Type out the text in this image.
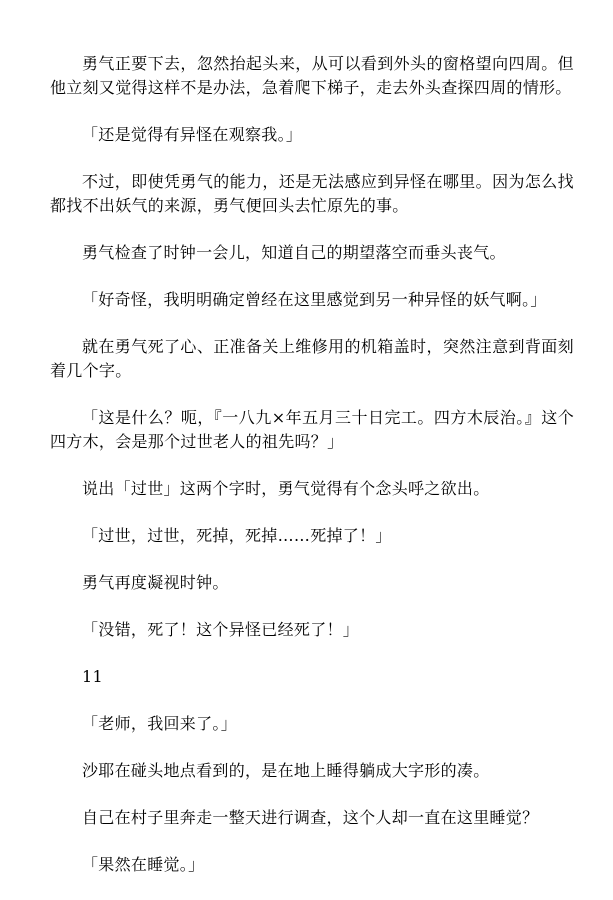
勇气正要下去，忽然抬起头来，从可以看到外头的窗格望向四周。但他立刻又觉得这样不是办法，急着爬下梯子，走去外头查探四周的情形。

「还是觉得有异怪在观察我。」

不过，即使凭勇气的能力，还是无法感应到异怪在哪里。因为怎么找都找不出妖气的来源，勇气便回头去忙原先的事。

勇气检查了时钟一会儿，知道自己的期望落空而垂头丧气。

「好奇怪，我明明确定曾经在这里感觉到另一种异怪的妖气啊。」

就在勇气死了心、正准备关上维修用的机箱盖时，突然注意到背面刻着几个字。

「这是什么？呃，『一八九×年五月三十日完工。四方木辰治。』这个四方木，会是那个过世老人的祖先吗？」

说出「过世」这两个字时，勇气觉得有个念头呼之欲出。

「过世，过世，死掉，死掉……死掉了！」

勇气再度凝视时钟。

「没错，死了！这个异怪已经死了！」

11

「老师，我回来了。」

沙耶在碰头地点看到的，是在地上睡得躺成大字形的凑。

自己在村子里奔走一整天进行调查，这个人却一直在这里睡觉？

「果然在睡觉。」
